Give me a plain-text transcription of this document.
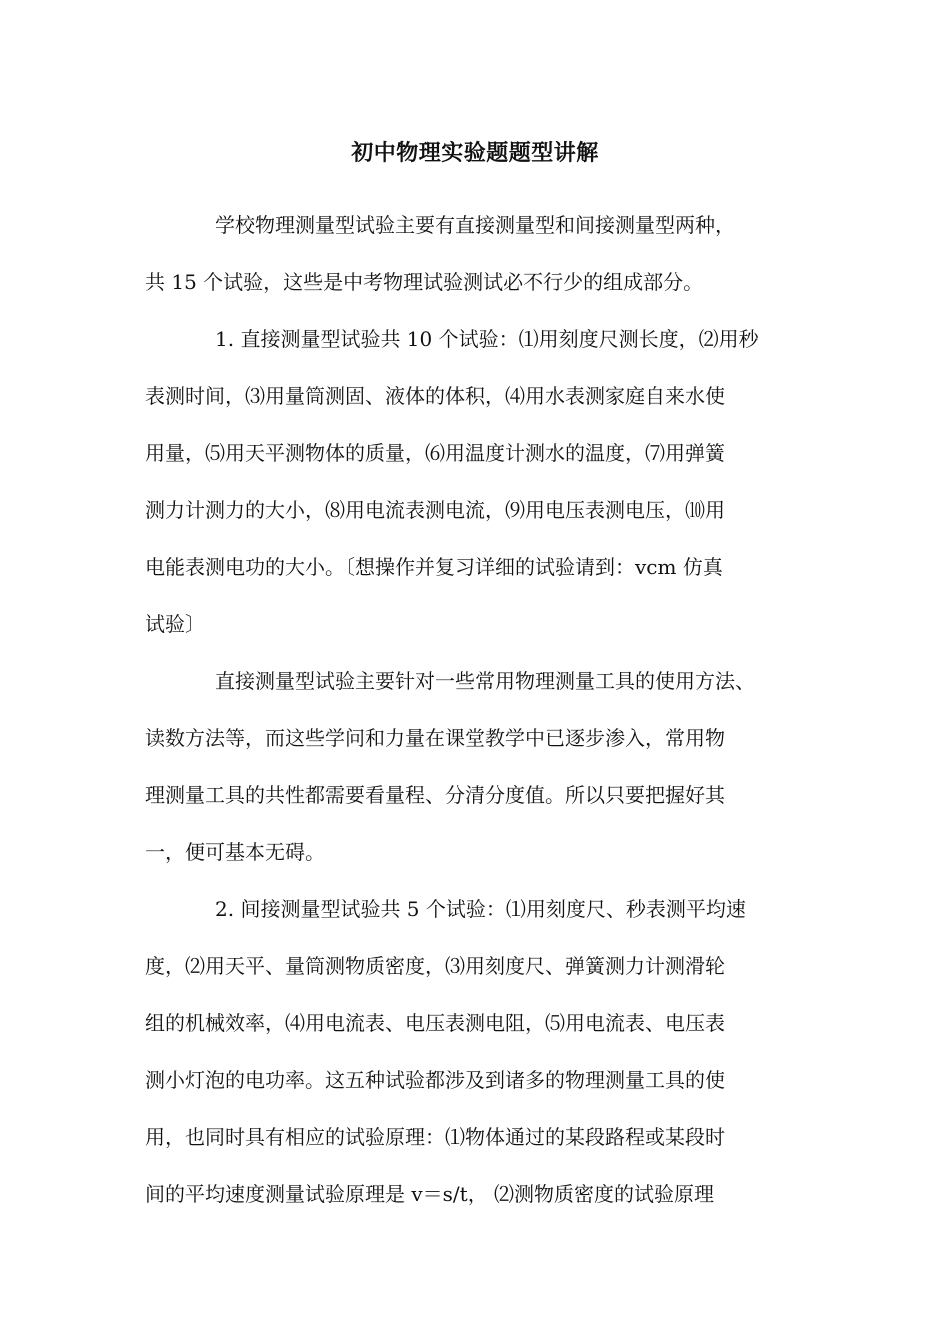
初中物理实验题题型讲解
学校物理测量型试验主要有直接测量型和间接测量型两种，
共 15 个试验，这些是中考物理试验测试必不行少的组成部分。
1. 直接测量型试验共 10 个试验：⑴用刻度尺测长度，⑵用秒
表测时间，⑶用量筒测固、液体的体积，⑷用水表测家庭自来水使
用量，⑸用天平测物体的质量，⑹用温度计测水的温度，⑺用弹簧
测力计测力的大小，⑻用电流表测电流，⑼用电压表测电压，⑽用
电能表测电功的大小。〔想操作并复习详细的试验请到：vcm 仿真
试验〕
直接测量型试验主要针对一些常用物理测量工具的使用方法、
读数方法等，而这些学问和力量在课堂教学中已逐步渗入，常用物
理测量工具的共性都需要看量程、分清分度值。所以只要把握好其
一，便可基本无碍。
2. 间接测量型试验共 5 个试验：⑴用刻度尺、秒表测平均速
度，⑵用天平、量筒测物质密度，⑶用刻度尺、弹簧测力计测滑轮
组的机械效率，⑷用电流表、电压表测电阻，⑸用电流表、电压表
测小灯泡的电功率。这五种试验都涉及到诸多的物理测量工具的使
用，也同时具有相应的试验原理：⑴物体通过的某段路程或某段时
间的平均速度测量试验原理是 v＝s/t， ⑵测物质密度的试验原理
